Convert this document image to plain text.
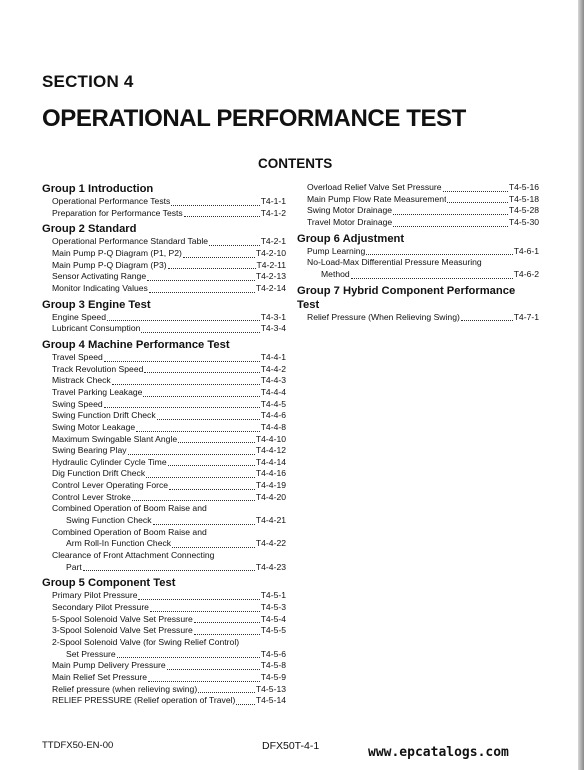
SECTION 4
OPERATIONAL PERFORMANCE TEST
CONTENTS
Group 1 Introduction
Operational Performance Tests	T4-1-1
Preparation for Performance Tests	T4-1-2
Group 2 Standard
Operational Performance Standard Table	T4-2-1
Main Pump P-Q Diagram (P1, P2)	T4-2-10
Main Pump P-Q Diagram (P3)	T4-2-11
Sensor Activating Range	T4-2-13
Monitor Indicating Values	T4-2-14
Group 3 Engine Test
Engine Speed	T4-3-1
Lubricant Consumption	T4-3-4
Group 4 Machine Performance Test
Travel Speed	T4-4-1
Track Revolution Speed	T4-4-2
Mistrack Check	T4-4-3
Travel Parking Leakage	T4-4-4
Swing Speed	T4-4-5
Swing Function Drift Check	T4-4-6
Swing Motor Leakage	T4-4-8
Maximum Swingable Slant Angle	T4-4-10
Swing Bearing Play	T4-4-12
Hydraulic Cylinder Cycle Time	T4-4-14
Dig Function Drift Check	T4-4-16
Control Lever Operating Force	T4-4-19
Control Lever Stroke	T4-4-20
Combined Operation of Boom Raise and
Swing Function Check	T4-4-21
Combined Operation of Boom Raise and
Arm Roll-In Function Check	T4-4-22
Clearance of Front Attachment Connecting
Part	T4-4-23
Group 5 Component Test
Primary Pilot Pressure	T4-5-1
Secondary Pilot Pressure	T4-5-3
5-Spool Solenoid Valve Set Pressure	T4-5-4
3-Spool Solenoid Valve Set Pressure	T4-5-5
2-Spool Solenoid Valve (for Swing Relief Control)
Set Pressure	T4-5-6
Main Pump Delivery Pressure	T4-5-8
Main Relief Set Pressure	T4-5-9
Relief pressure (when relieving swing)	T4-5-13
RELIEF PRESSURE (Relief operation of Travel) T4-5-14
Overload Relief Valve Set Pressure	T4-5-16
Main Pump Flow Rate Measurement	T4-5-18
Swing Motor Drainage	T4-5-28
Travel Motor Drainage	T4-5-30
Group 6 Adjustment
Pump Learning	T4-6-1
No-Load-Max Differential Pressure Measuring
Method	T4-6-2
Group 7 Hybrid Component Performance Test
Relief Pressure (When Relieving Swing)	T4-7-1
TTDFX50-EN-00	DFX50T-4-1	www.epcatalogs.com
